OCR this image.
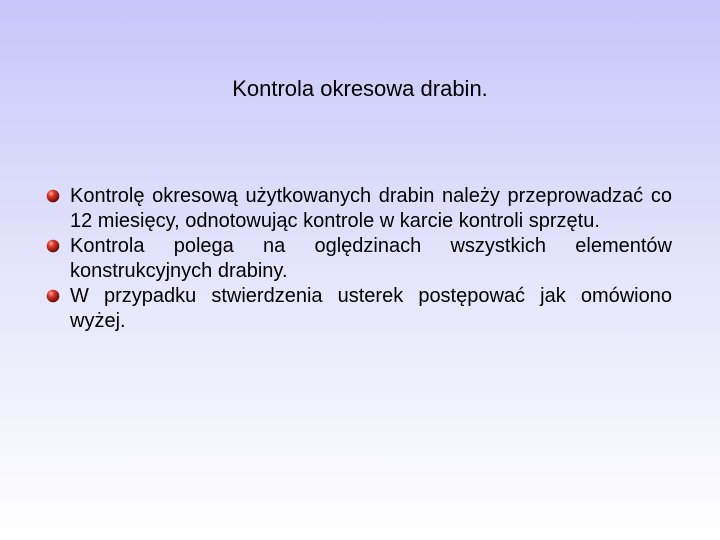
Kontrola okresowa drabin.
Kontrolę okresową użytkowanych drabin należy przeprowadzać co 12 miesięcy, odnotowując kontrole w karcie kontroli sprzętu.
Kontrola polega na oględzinach wszystkich elementów konstrukcyjnych drabiny.
W przypadku stwierdzenia usterek postępować jak omówiono wyżej.
